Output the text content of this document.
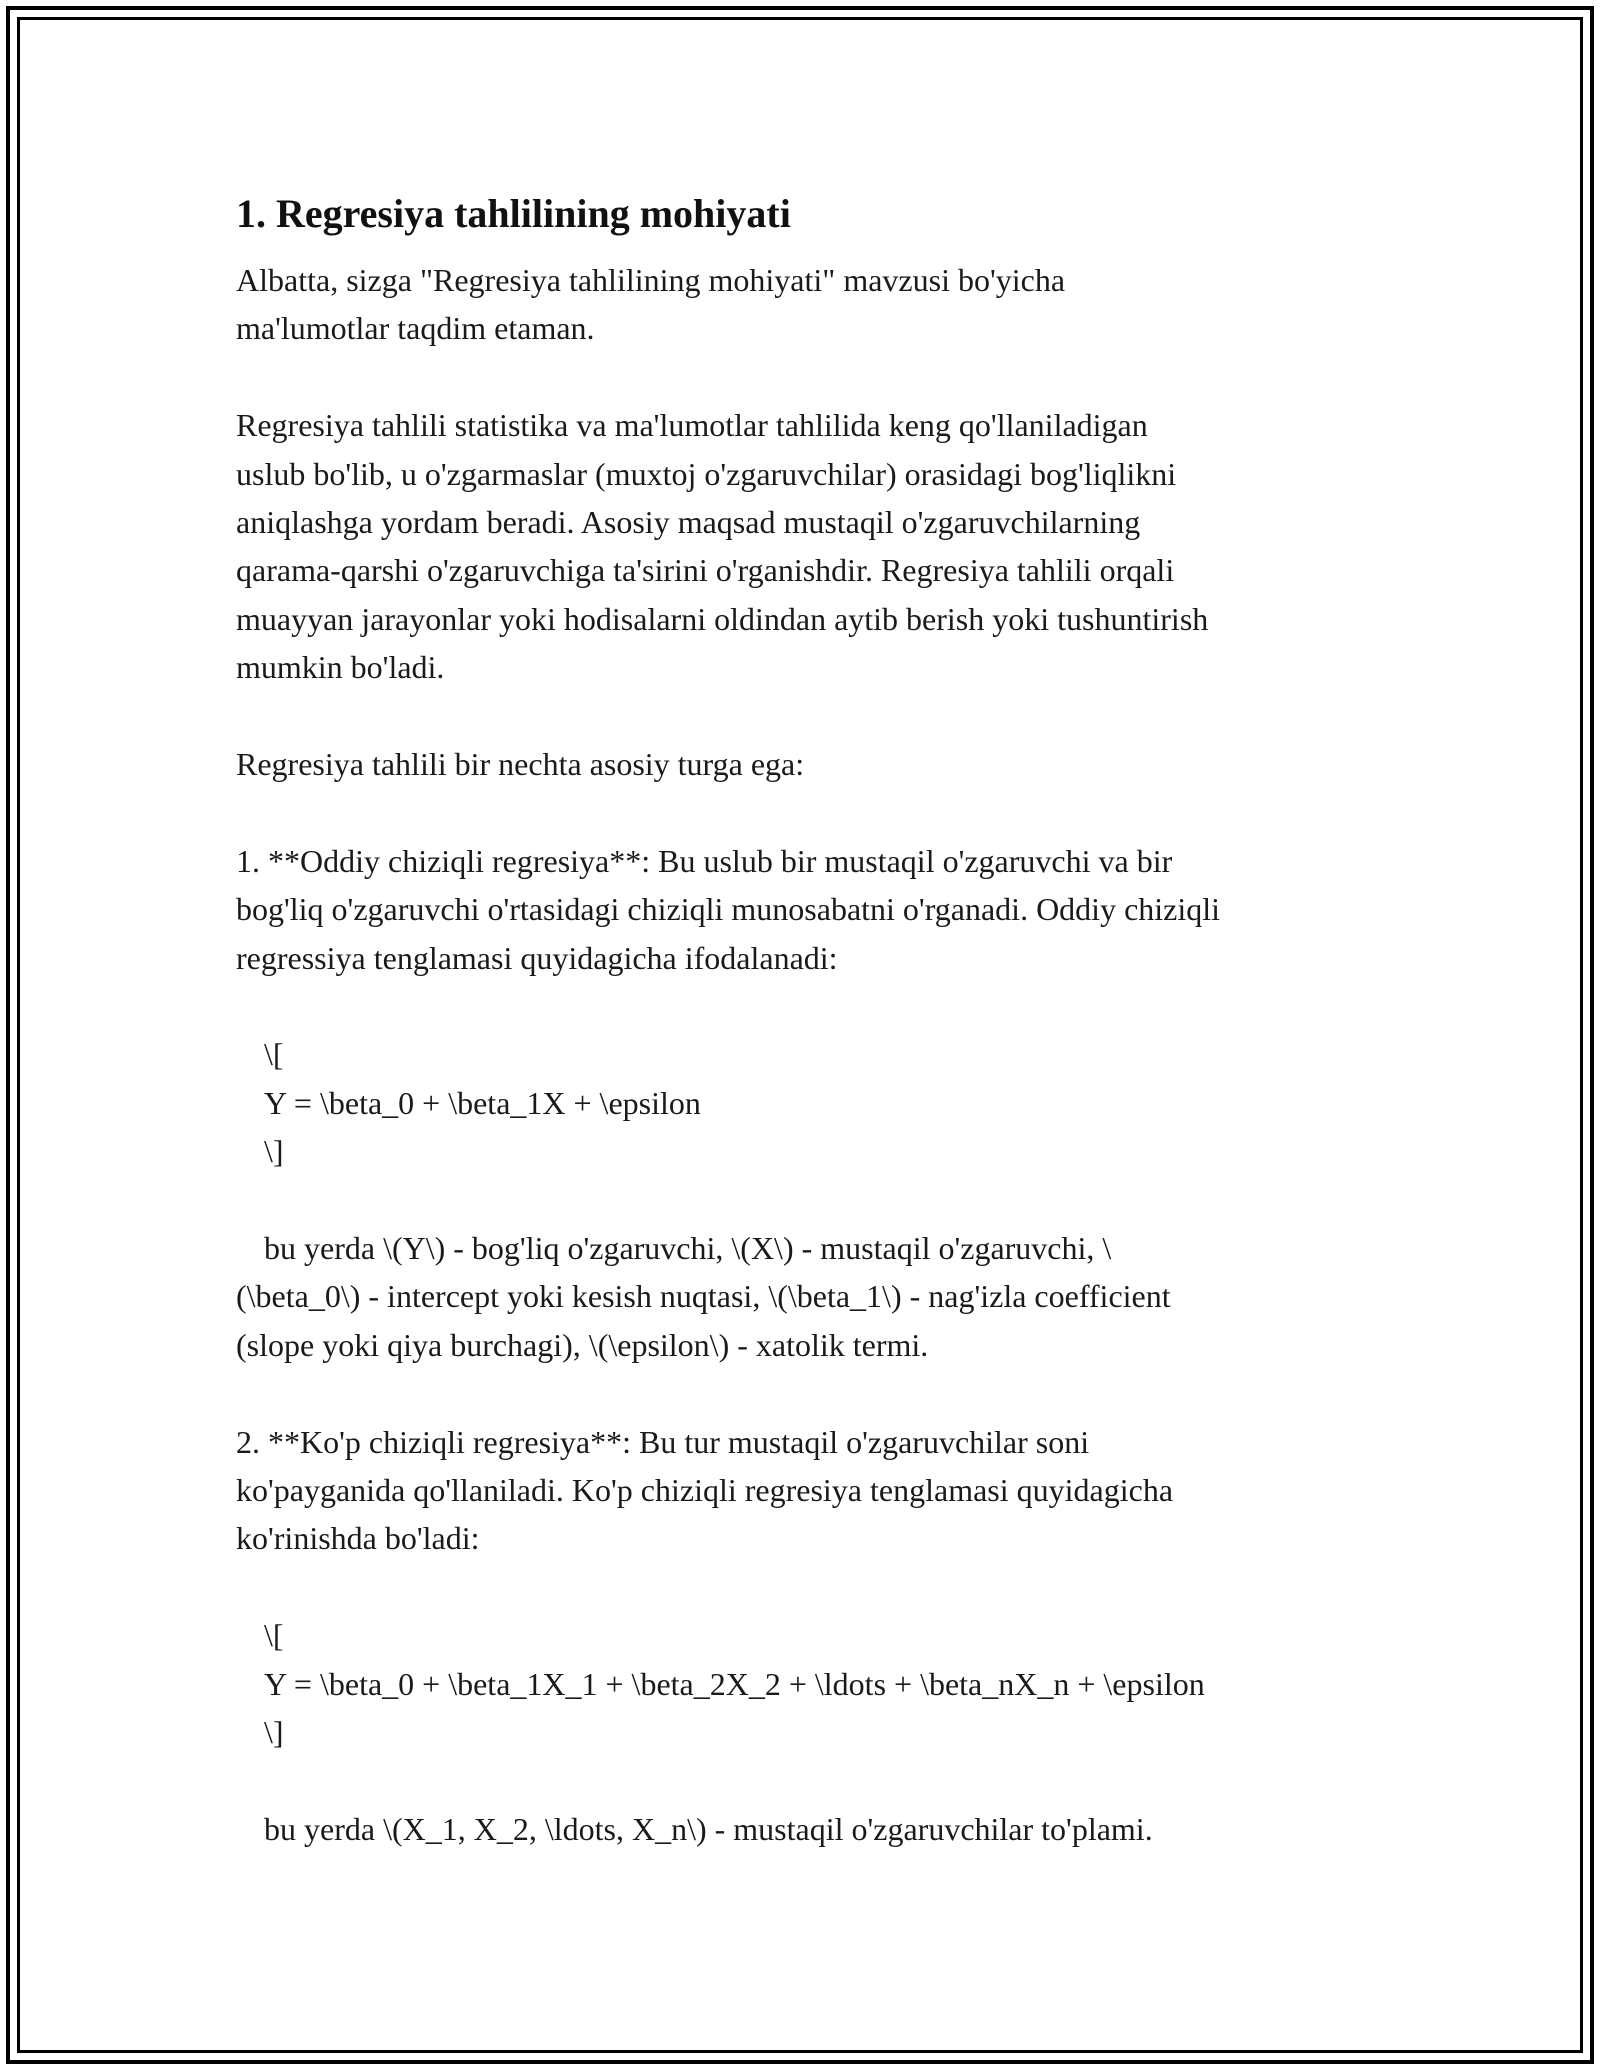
1. Regresiya tahlilining mohiyati

Albatta, sizga "Regresiya tahlilining mohiyati" mavzusi bo'yicha
ma'lumotlar taqdim etaman.

Regresiya tahlili statistika va ma'lumotlar tahlilida keng qo'llaniladigan
uslub bo'lib, u o'zgarmaslar (muxtoj o'zgaruvchilar) orasidagi bog'liqlikni
aniqlashga yordam beradi. Asosiy maqsad mustaqil o'zgaruvchilarning
qarama-qarshi o'zgaruvchiga ta'sirini o'rganishdir. Regresiya tahlili orqali
muayyan jarayonlar yoki hodisalarni oldindan aytib berish yoki tushuntirish
mumkin bo'ladi.

Regresiya tahlili bir nechta asosiy turga ega:

1. **Oddiy chiziqli regresiya**: Bu uslub bir mustaqil o'zgaruvchi va bir
bog'liq o'zgaruvchi o'rtasidagi chiziqli munosabatni o'rganadi. Oddiy chiziqli
regressiya tenglamasi quyidagicha ifodalanadi:

\[
Y = \beta_0 + \beta_1X + \epsilon
\]

bu yerda \(Y\) - bog'liq o'zgaruvchi, \(X\) - mustaqil o'zgaruvchi, \
(\beta_0\) - intercept yoki kesish nuqtasi, \(\beta_1\) - nag'izla coefficient
(slope yoki qiya burchagi), \(\epsilon\) - xatolik termi.

2. **Ko'p chiziqli regresiya**: Bu tur mustaqil o'zgaruvchilar soni
ko'payganida qo'llaniladi. Ko'p chiziqli regresiya tenglamasi quyidagicha
ko'rinishda bo'ladi:

\[
Y = \beta_0 + \beta_1X_1 + \beta_2X_2 + \ldots + \beta_nX_n + \epsilon
\]

bu yerda \(X_1, X_2, \ldots, X_n\) - mustaqil o'zgaruvchilar to'plami.
